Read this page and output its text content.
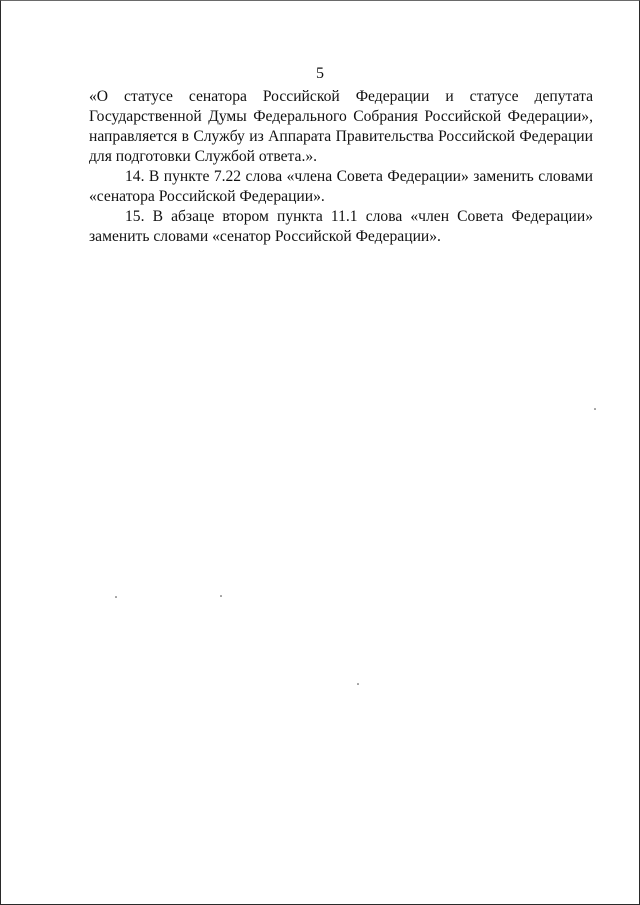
5

«О статусе сенатора Российской Федерации и статусе депутата Государственной Думы Федерального Собрания Российской Федерации», направляется в Службу из Аппарата Правительства Российской Федерации для подготовки Службой ответа.».

14. В пункте 7.22 слова «члена Совета Федерации» заменить словами «сенатора Российской Федерации».

15. В абзаце втором пункта 11.1 слова «член Совета Федерации» заменить словами «сенатор Российской Федерации».
